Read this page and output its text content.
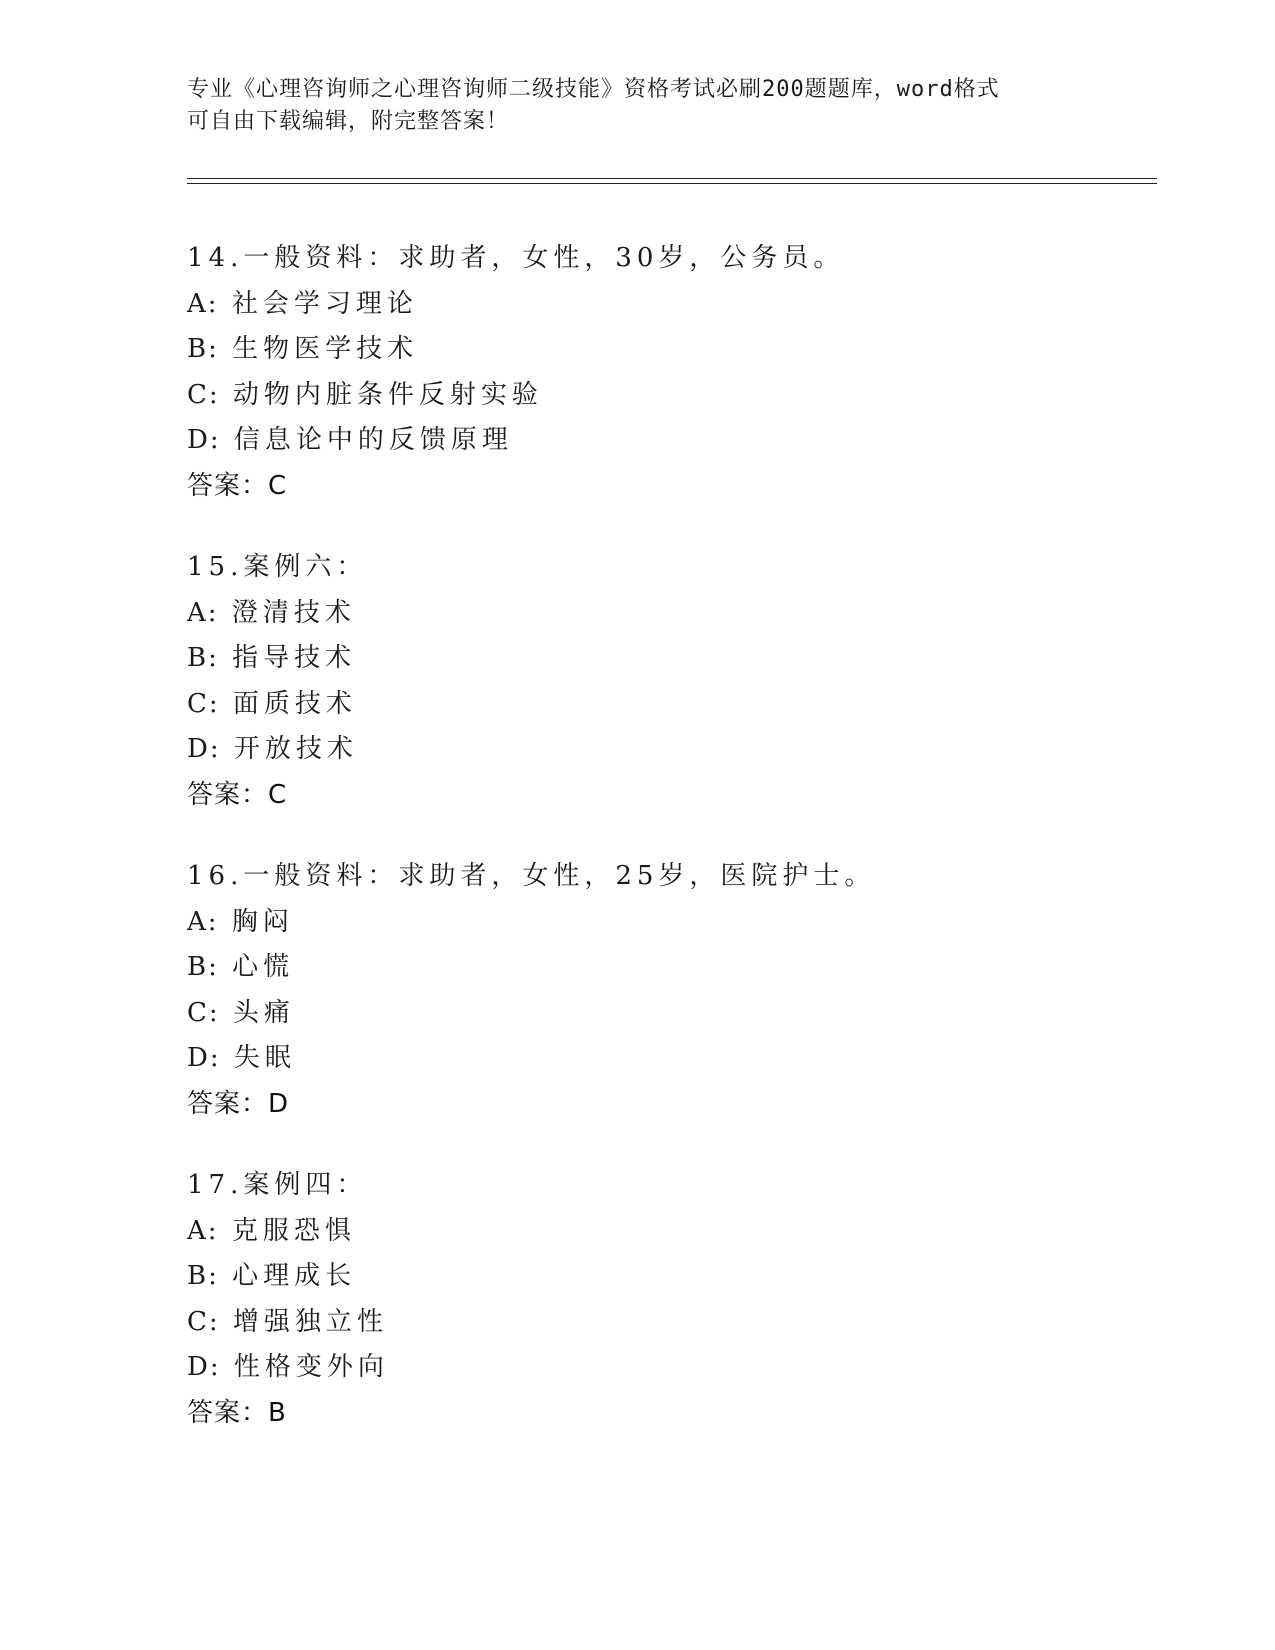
专业《心理咨询师之心理咨询师二级技能》资格考试必刷200题题库，word格式
可自由下载编辑，附完整答案！
14.一般资料：求助者，女性，30岁，公务员。
A: 社会学习理论
B: 生物医学技术
C: 动物内脏条件反射实验
D: 信息论中的反馈原理
答案：C
15.案例六：
A: 澄清技术
B: 指导技术
C: 面质技术
D: 开放技术
答案：C
16.一般资料：求助者，女性，25岁，医院护士。
A: 胸闷
B: 心慌
C: 头痛
D: 失眠
答案：D
17.案例四：
A: 克服恐惧
B: 心理成长
C: 增强独立性
D: 性格变外向
答案：B
